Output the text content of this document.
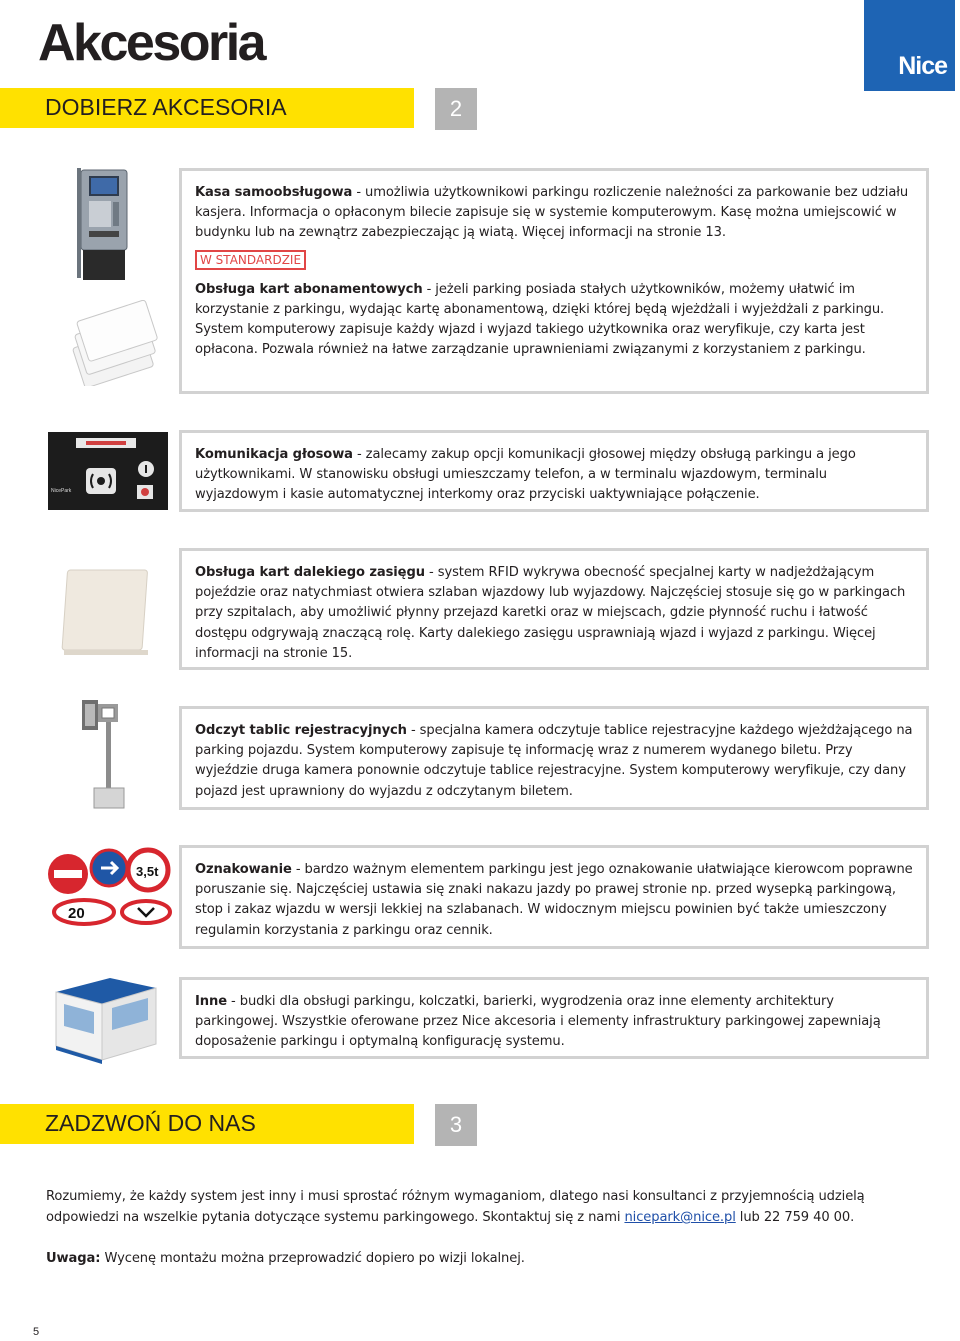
Akcesoria	Nice
DOBIERZ AKCESORIA	2

Kasa samoobsługowa - umożliwia użytkownikowi parkingu rozliczenie należności za parkowanie bez udziału kasjera. Informacja o opłaconym bilecie zapisuje się w systemie komputerowym. Kasę można umiejscowić w budynku lub na zewnątrz zabezpieczając ją wiatą. Więcej informacji na stronie 13.

W STANDARDZIE

Obsługa kart abonamentowych - jeżeli parking posiada stałych użytkowników, możemy ułatwić im korzystanie z parkingu, wydając kartę abonamentową, dzięki której będą wjeżdżali i wyjeżdżali z parkingu. System komputerowy zapisuje każdy wjazd i wyjazd takiego użytkownika oraz weryfikuje, czy karta jest opłacona. Pozwala również na łatwe zarządzanie uprawnieniami związanymi z korzystaniem z parkingu.

NicePark

Komunikacja głosowa - zalecamy zakup opcji komunikacji głosowej między obsługą parkingu a jego użytkownikami. W stanowisku obsługi umieszczamy telefon, a w terminalu wjazdowym, terminalu wyjazdowym i kasie automatycznej interkomy oraz przyciski uaktywniające połączenie.

Obsługa kart dalekiego zasięgu - system RFID wykrywa obecność specjalnej karty w nadjeżdżającym pojeździe oraz natychmiast otwiera szlaban wjazdowy lub wyjazdowy. Najczęściej stosuje się go w parkingach przy szpitalach, aby umożliwić płynny przejazd karetki oraz w miejscach, gdzie płynność ruchu i łatwość dostępu odgrywają znaczącą rolę. Karty dalekiego zasięgu usprawniają wjazd i wyjazd z parkingu. Więcej informacji na stronie 15.

Odczyt tablic rejestracyjnych - specjalna kamera odczytuje tablice rejestracyjne każdego wjeżdżającego na parking pojazdu. System komputerowy zapisuje tę informację wraz z numerem wydanego biletu. Przy wyjeździe druga kamera ponownie odczytuje tablice rejestracyjne. System komputerowy weryfikuje, czy dany pojazd jest uprawniony do wyjazdu z odczytanym biletem.

3,5t
20

Oznakowanie - bardzo ważnym elementem parkingu jest jego oznakowanie ułatwiające kierowcom poprawne poruszanie się. Najczęściej ustawia się znaki nakazu jazdy po prawej stronie np. przed wysepką parkingową, stop i zakaz wjazdu w wersji lekkiej na szlabanach. W widocznym miejscu powinien być także umieszczony regulamin korzystania z parkingu oraz cennik.

Inne - budki dla obsługi parkingu, kolczatki, barierki, wygrodzenia oraz inne elementy architektury parkingowej. Wszystkie oferowane przez Nice akcesoria i elementy infrastruktury parkingowej zapewniają doposażenie parkingu i optymalną konfigurację systemu.

ZADZWOŃ DO NAS	3

Rozumiemy, że każdy system jest inny i musi sprostać różnym wymaganiom, dlatego nasi konsultanci z przyjemnością udzielą odpowiedzi na wszelkie pytania dotyczące systemu parkingowego. Skontaktuj się z nami nicepark@nice.pl lub 22 759 40 00.

Uwaga: Wycenę montażu można przeprowadzić dopiero po wizji lokalnej.

5
